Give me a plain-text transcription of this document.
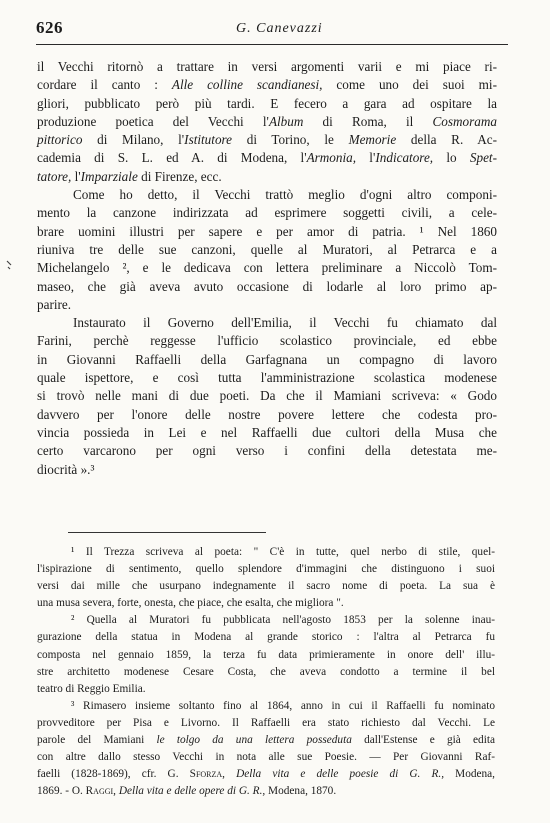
626	G. Canevazzi
il Vecchi ritornò a trattare in versi argomenti varii e mi piace ri-
cordare il canto : Alle colline scandianesi, come uno dei suoi mi-
gliori, pubblicato però più tardi. E fecero a gara ad ospitare la
produzione poetica del Vecchi l'Album di Roma, il Cosmorama
pittorico di Milano, l'Istitutore di Torino, le Memorie della R. Ac-
cademia di S. L. ed A. di Modena, l'Armonia, l'Indicatore, lo Spet-
tatore, l'Imparziale di Firenze, ecc.
Come ho detto, il Vecchi trattò meglio d'ogni altro componi-
mento la canzone indirizzata ad esprimere soggetti civili, a cele-
brare uomini illustri per sapere e per amor di patria. ¹ Nel 1860
riuniva tre delle sue canzoni, quelle al Muratori, al Petrarca e a
Michelangelo ², e le dedicava con lettera preliminare a Niccolò Tom-
maseo, che già aveva avuto occasione di lodarle al loro primo ap-
parire.
Instaurato il Governo dell'Emilia, il Vecchi fu chiamato dal
Farini, perchè reggesse l'ufficio scolastico provinciale, ed ebbe
in Giovanni Raffaelli della Garfagnana un compagno di lavoro
quale ispettore, e così tutta l'amministrazione scolastica modenese
si trovò nelle mani di due poeti. Da che il Mamiani scriveva: « Godo
davvero per l'onore delle nostre povere lettere che codesta pro-
vincia possieda in Lei e nel Raffaelli due cultori della Musa che
certo varcarono per ogni verso i confini della detestata me-
diocrità ».³
¹ Il Trezza scriveva al poeta: " C'è in tutte, quel nerbo di stile, quel-
l'ispirazione di sentimento, quello splendore d'immagini che distinguono i suoi
versi dai mille che usurpano indegnamente il sacro nome di poeta. La sua è
una musa severa, forte, onesta, che piace, che esalta, che migliora ".
² Quella al Muratori fu pubblicata nell'agosto 1853 per la solenne inau-
gurazione della statua in Modena al grande storico : l'altra al Petrarca fu
composta nel gennaio 1859, la terza fu data primieramente in onore dell' illu-
stre architetto modenese Cesare Costa, che aveva condotto a termine il bel
teatro di Reggio Emilia.
³ Rimasero insieme soltanto fino al 1864, anno in cui il Raffaelli fu nominato
provveditore per Pisa e Livorno. Il Raffaelli era stato richiesto dal Vecchi. Le
parole del Mamiani le tolgo da una lettera posseduta dall'Estense e già edita
con altre dallo stesso Vecchi in nota alle sue Poesie. — Per Giovanni Raf-
faelli (1828-1869), cfr. G. Sforza, Della vita e delle poesie di G. R., Modena,
1869. - O. Raggi, Della vita e delle opere di G. R., Modena, 1870.
